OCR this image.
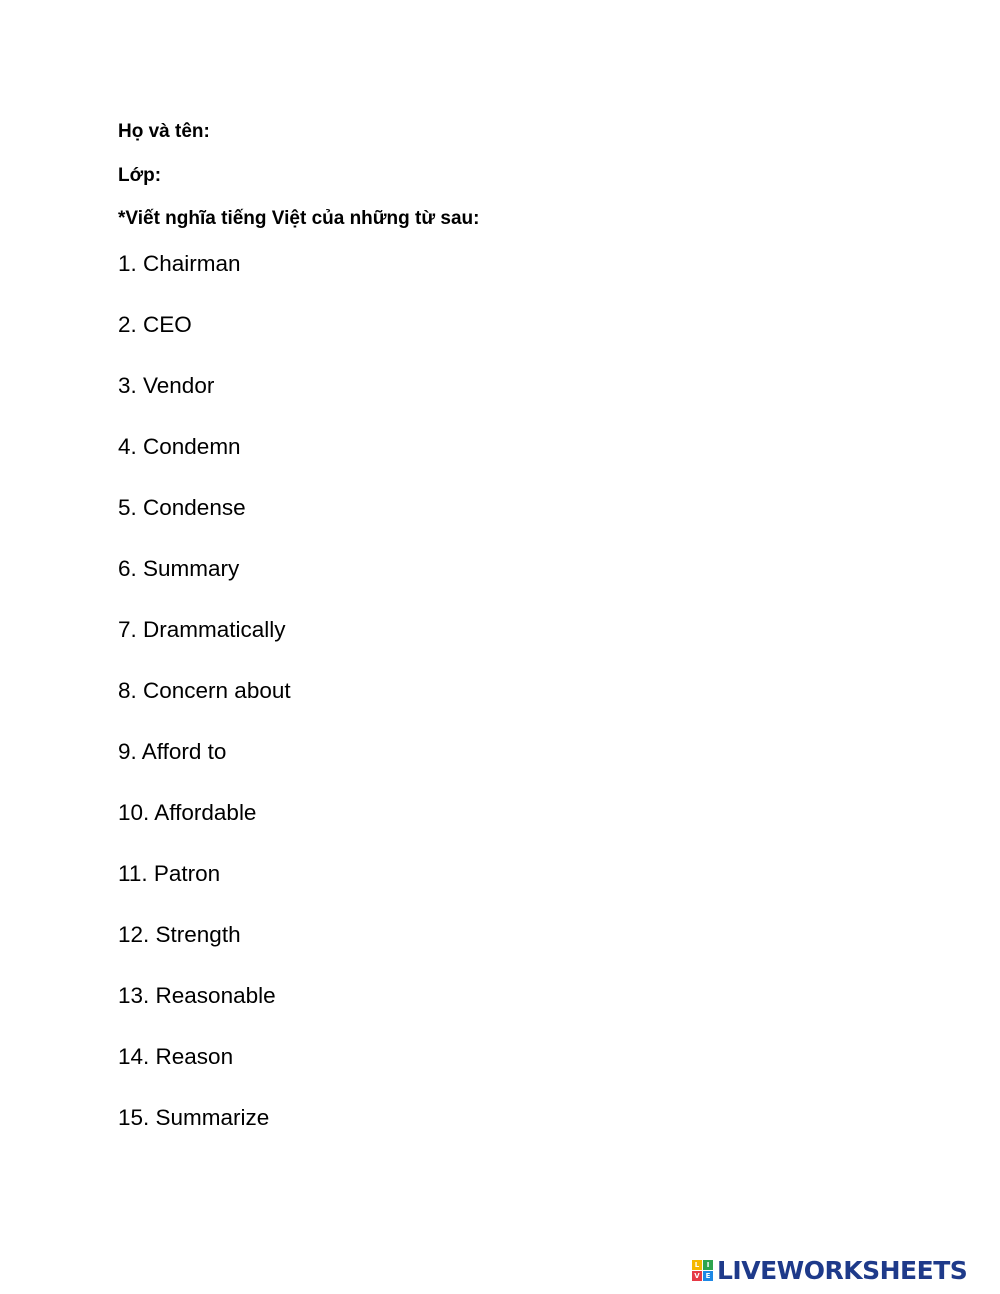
Họ và tên:
Lớp:
*Viết nghĩa tiếng Việt của những từ sau:
1. Chairman
2. CEO
3. Vendor
4. Condemn
5. Condense
6. Summary
7. Drammatically
8. Concern about
9. Afford to
10. Affordable
11. Patron
12. Strength
13. Reasonable
14. Reason
15. Summarize
L	I
V E LIVEWORKSHEETS
